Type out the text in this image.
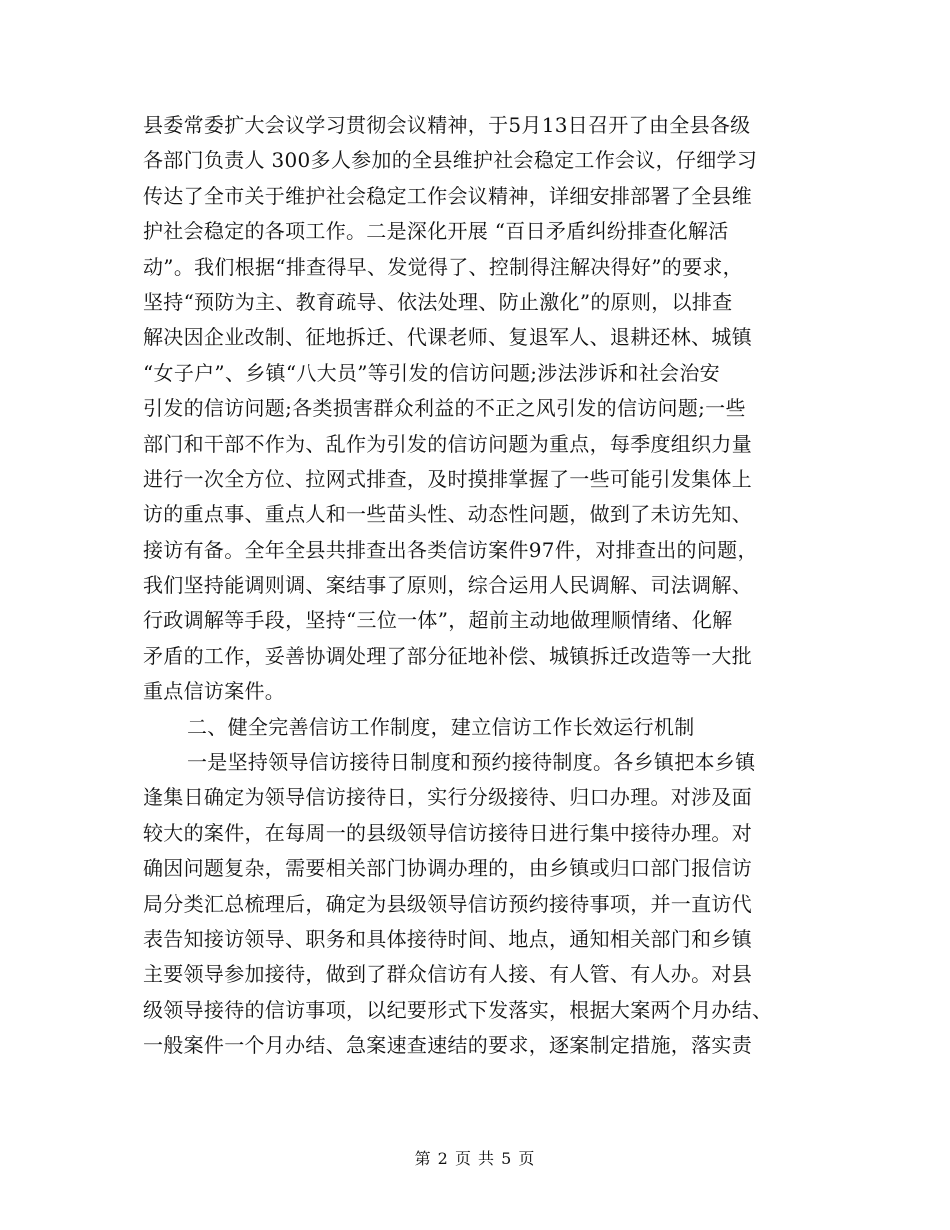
县委常委扩大会议学习贯彻会议精神，于5月13日召开了由全县各级
各部门负责人 300多人参加的全县维护社会稳定工作会议，仔细学习
传达了全市关于维护社会稳定工作会议精神，详细安排部署了全县维
护社会稳定的各项工作。二是深化开展 “百日矛盾纠纷排查化解活
动”。我们根据“排查得早、发觉得了、控制得注解决得好”的要求，
坚持“预防为主、教育疏导、依法处理、防止激化”的原则，以排查
解决因企业改制、征地拆迁、代课老师、复退军人、退耕还林、城镇
“女子户”、乡镇“八大员”等引发的信访问题;涉法涉诉和社会治安
引发的信访问题;各类损害群众利益的不正之风引发的信访问题;一些
部门和干部不作为、乱作为引发的信访问题为重点，每季度组织力量
进行一次全方位、拉网式排查，及时摸排掌握了一些可能引发集体上
访的重点事、重点人和一些苗头性、动态性问题，做到了未访先知、
接访有备。全年全县共排查出各类信访案件97件，对排查出的问题，
我们坚持能调则调、案结事了原则，综合运用人民调解、司法调解、
行政调解等手段，坚持“三位一体”，超前主动地做理顺情绪、化解
矛盾的工作，妥善协调处理了部分征地补偿、城镇拆迁改造等一大批
重点信访案件。
二、健全完善信访工作制度，建立信访工作长效运行机制
一是坚持领导信访接待日制度和预约接待制度。各乡镇把本乡镇
逢集日确定为领导信访接待日，实行分级接待、归口办理。对涉及面
较大的案件，在每周一的县级领导信访接待日进行集中接待办理。对
确因问题复杂，需要相关部门协调办理的，由乡镇或归口部门报信访
局分类汇总梳理后，确定为县级领导信访预约接待事项，并一直访代
表告知接访领导、职务和具体接待时间、地点，通知相关部门和乡镇
主要领导参加接待，做到了群众信访有人接、有人管、有人办。对县
级领导接待的信访事项，以纪要形式下发落实，根据大案两个月办结、
一般案件一个月办结、急案速查速结的要求，逐案制定措施，落实责
第 2 页 共 5 页
